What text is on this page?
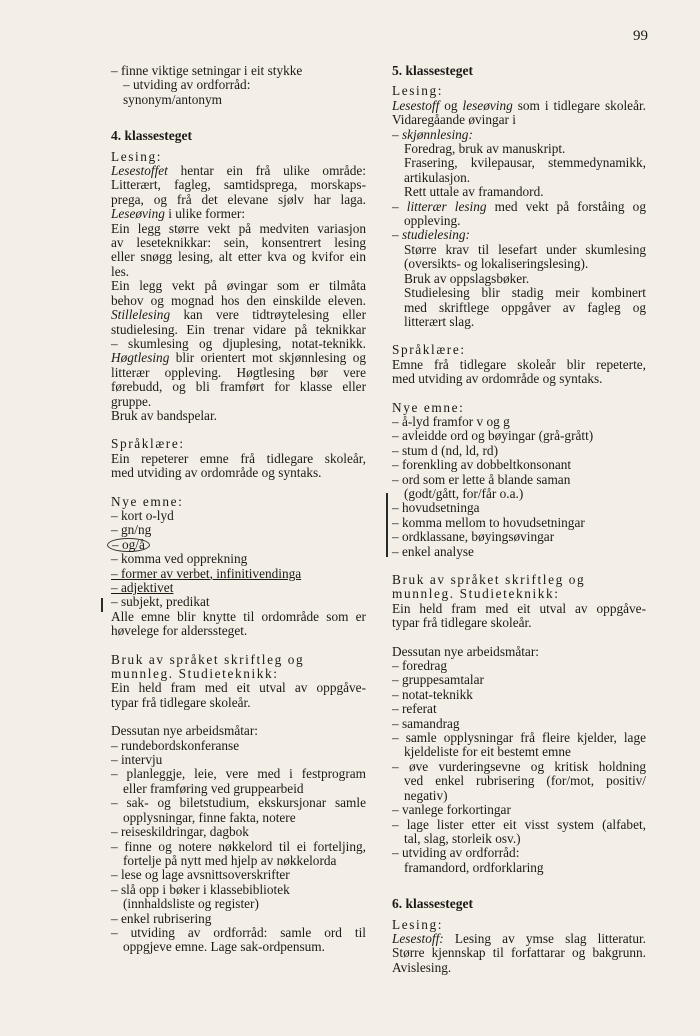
99
– finne viktige setningar i eit stykke
– utviding av ordforråd:
synonym/antonym
4. klassesteget
Lesing:
Lesestoffet hentar ein frå ulike område:
Litterært, fagleg, samtidsprega, morskaps-
prega, og frå det elevane sjølv har laga.
Leseøving i ulike former:
Ein legg større vekt på medviten variasjon
av leseteknikkar: sein, konsentrert lesing
eller snøgg lesing, alt etter kva og kvifor ein
les.
Ein legg vekt på øvingar som er tilmåta
behov og mognad hos den einskilde eleven.
Stillelesing kan vere tidtrøytelesing eller
studielesing. Ein trenar vidare på teknikkar
– skumlesing og djuplesing, notat-teknikk.
Høgtlesing blir orientert mot skjønnlesing og
litterær oppleving. Høgtlesing bør vere
førebudd, og bli framført for klasse eller
gruppe.
Bruk av bandspelar.
Språklære:
Ein repeterer emne frå tidlegare skoleår,
med utviding av ordområde og syntaks.
Nye emne:
– kort o-lyd
– gn/ng
– og/å

– komma ved opprekning
– former av verbet, infinitivendinga
– adjektivet
– subjekt, predikat
Alle emne blir knytte til ordområde som er
høvelege for alderssteget.
Bruk av språket skriftleg og
munnleg. Studieteknikk:
Ein held fram med eit utval av oppgåve-
typar frå tidlegare skoleår.
Dessutan nye arbeidsmåtar:
– rundebordskonferanse
– intervju
– planleggje, leie, vere med i festprogram
eller framføring ved gruppearbeid
– sak- og biletstudium, ekskursjonar samle
opplysningar, finne fakta, notere
– reiseskildringar, dagbok
– finne og notere nøkkelord til ei forteljing,
fortelje på nytt med hjelp av nøkkelorda
– lese og lage avsnittsoverskrifter
– slå opp i bøker i klassebibliotek
(innhaldsliste og register)
– enkel rubrisering
– utviding av ordforråd: samle ord til
oppgjeve emne. Lage sak-ordpensum.
5. klassesteget
Lesing:
Lesestoff og leseøving som i tidlegare skoleår.
Vidaregåande øvingar i
– skjønnlesing:
Foredrag, bruk av manuskript.
Frasering, kvilepausar, stemmedynamikk,
artikulasjon.
Rett uttale av framandord.
– litterær lesing med vekt på forståing og
oppleving.
– studielesing:
Større krav til lesefart under skumlesing
(oversikts- og lokaliseringslesing).
Bruk av oppslagsbøker.
Studielesing blir stadig meir kombinert
med skriftlege oppgåver av fagleg og
litterært slag.
Språklære:
Emne frå tidlegare skoleår blir repeterte,
med utviding av ordområde og syntaks.
Nye emne:
– å-lyd framfor v og g
– avleidde ord og bøyingar (grå-grått)
– stum d (nd, ld, rd)
– forenkling av dobbeltkonsonant
– ord som er lette å blande saman
(godt/gått, for/får o.a.)
– hovudsetninga
– komma mellom to hovudsetningar
– ordklassane, bøyingsøvingar
– enkel analyse
Bruk av språket skriftleg og
munnleg. Studieteknikk:
Ein held fram med eit utval av oppgåve-
typar frå tidlegare skoleår.
Dessutan nye arbeidsmåtar:
– foredrag
– gruppesamtalar
– notat-teknikk
– referat
– samandrag
– samle opplysningar frå fleire kjelder, lage
kjeldeliste for eit bestemt emne
– øve vurderingsevne og kritisk holdning
ved enkel rubrisering (for/mot, positiv/
negativ)
– vanlege forkortingar
– lage lister etter eit visst system (alfabet,
tal, slag, storleik osv.)
– utviding av ordforråd:
framandord, ordforklaring
6. klassesteget
Lesing:
Lesestoff: Lesing av ymse slag litteratur.
Større kjennskap til forfattarar og bakgrunn.
Avislesing.
